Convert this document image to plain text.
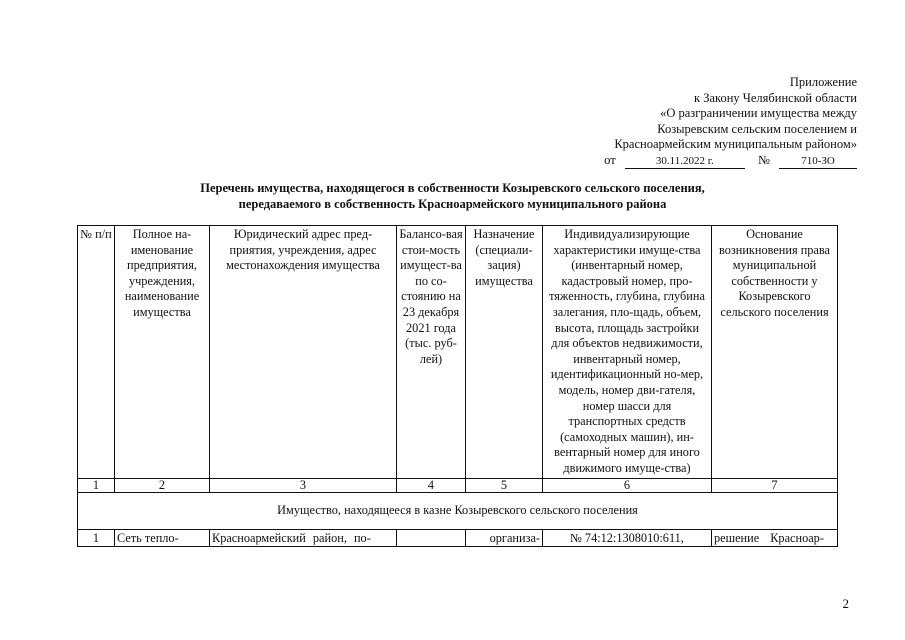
Приложение
к Закону Челябинской области
«О разграничении имущества между
Козыревским сельским поселением и
Красноармейским муниципальным районом»
от	30.11.2022 г.	№	710-ЗО
Перечень имущества, находящегося в собственности Козыревского сельского поселения,
передаваемого в собственность Красноармейского муниципального района
№ п/п	Полное на-именование предприятия, учреждения, наименование имущества	Юридический адрес пред-приятия, учреждения, адрес местонахождения имущества	Балансо-вая стои-мость имущест-ва по со-стоянию на 23 декабря 2021 года (тыс. руб-лей)	Назначение (специали-зация) имущества	Индивидуализирующие характеристики имуще-ства (инвентарный номер, кадастровый номер, про-тяженность, глубина, глубина залегания, пло-щадь, объем, высота, площадь застройки для объектов недвижимости, инвентарный номер, идентификационный но-мер, модель, номер дви-гателя, номер шасси для транспортных средств (самоходных машин), ин-вентарный номер для иного движимого имуще-ства)	Основание возникновения права муниципальной собственности у Козыревского сельского поселения
1	2	3	4	5	6	7
Имущество, находящееся в казне Козыревского сельского поселения						
1	Сеть тепло-	Красноармейский район, по-		организа-	№ 74:12:1308010:611,	решение Красноар-
2
